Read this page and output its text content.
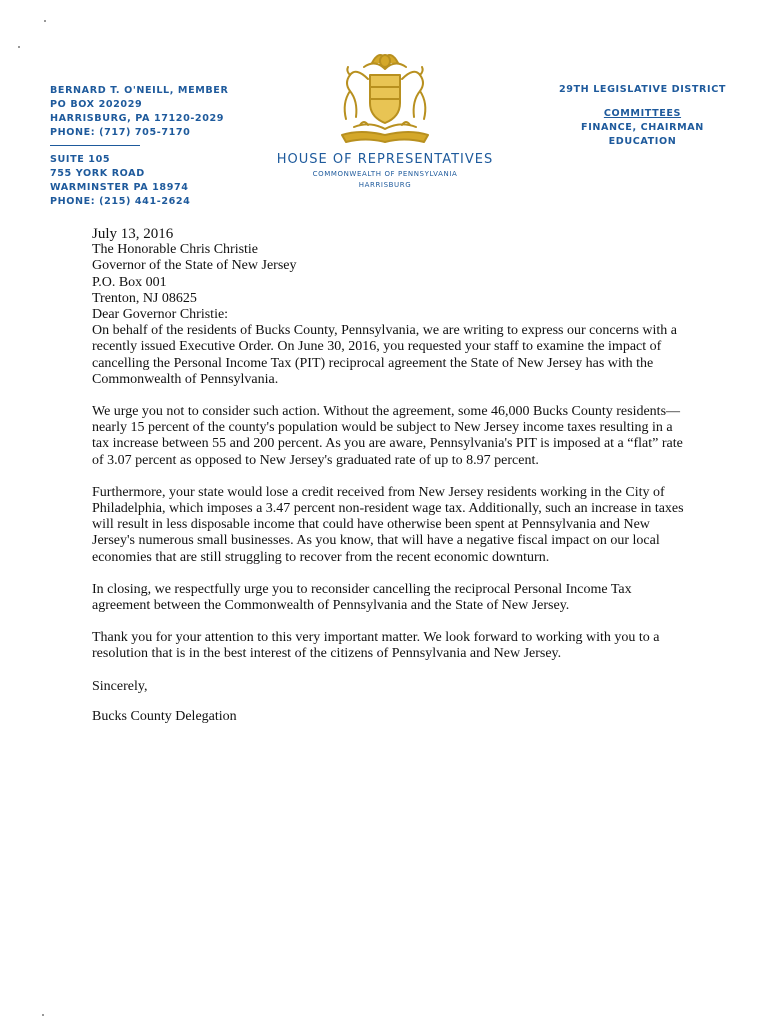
BERNARD T. O'NEILL, MEMBER
PO BOX 202029
HARRISBURG, PA 17120-2029
PHONE: (717) 705-7170
SUITE 105
755 YORK ROAD
WARMINSTER PA 18974
PHONE: (215) 441-2624
HOUSE OF REPRESENTATIVES
COMMONWEALTH OF PENNSYLVANIA
HARRISBURG
29TH LEGISLATIVE DISTRICT
COMMITTEES
FINANCE, CHAIRMAN
EDUCATION

July 13, 2016

The Honorable Chris Christie

Governor of the State of New Jersey

P.O. Box 001

Trenton, NJ 08625

Dear Governor Christie:

On behalf of the residents of Bucks County, Pennsylvania, we are writing to express our concerns with a recently issued Executive Order. On June 30, 2016, you requested your staff to examine the impact of cancelling the Personal Income Tax (PIT) reciprocal agreement the State of New Jersey has with the Commonwealth of Pennsylvania.

We urge you not to consider such action. Without the agreement, some 46,000 Bucks County residents—nearly 15 percent of the county's population would be subject to New Jersey income taxes resulting in a tax increase between 55 and 200 percent. As you are aware, Pennsylvania's PIT is imposed at a “flat” rate of 3.07 percent as opposed to New Jersey's graduated rate of up to 8.97 percent.

Furthermore, your state would lose a credit received from New Jersey residents working in the City of Philadelphia, which imposes a 3.47 percent non-resident wage tax. Additionally, such an increase in taxes will result in less disposable income that could have otherwise been spent at Pennsylvania and New Jersey's numerous small businesses. As you know, that will have a negative fiscal impact on our local economies that are still struggling to recover from the recent economic downturn.

In closing, we respectfully urge you to reconsider cancelling the reciprocal Personal Income Tax agreement between the Commonwealth of Pennsylvania and the State of New Jersey.

Thank you for your attention to this very important matter. We look forward to working with you to a resolution that is in the best interest of the citizens of Pennsylvania and New Jersey.

Sincerely,

Bucks County Delegation
